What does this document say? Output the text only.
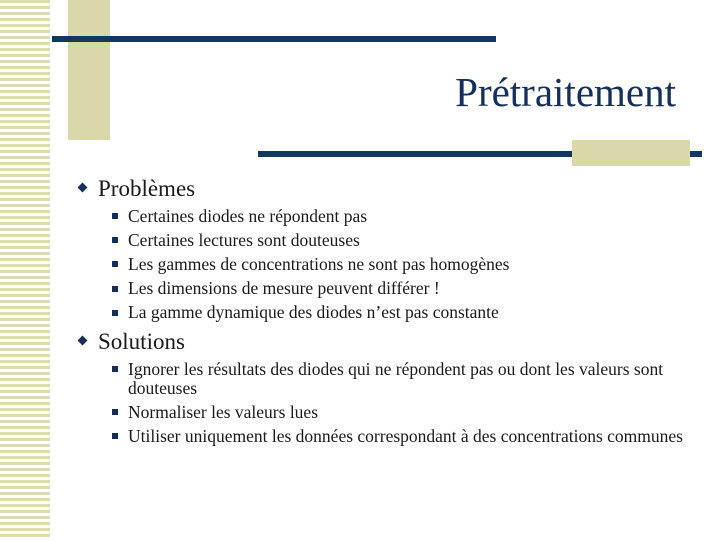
Prétraitement
Problèmes
Certaines diodes ne répondent pas
Certaines lectures sont douteuses
Les gammes de concentrations ne sont pas homogènes
Les dimensions de mesure peuvent différer !
La gamme dynamique des diodes n’est pas constante
Solutions
Ignorer les résultats des diodes qui ne répondent pas ou dont les valeurs sont douteuses
Normaliser les valeurs lues
Utiliser uniquement les données correspondant à des concentrations communes
